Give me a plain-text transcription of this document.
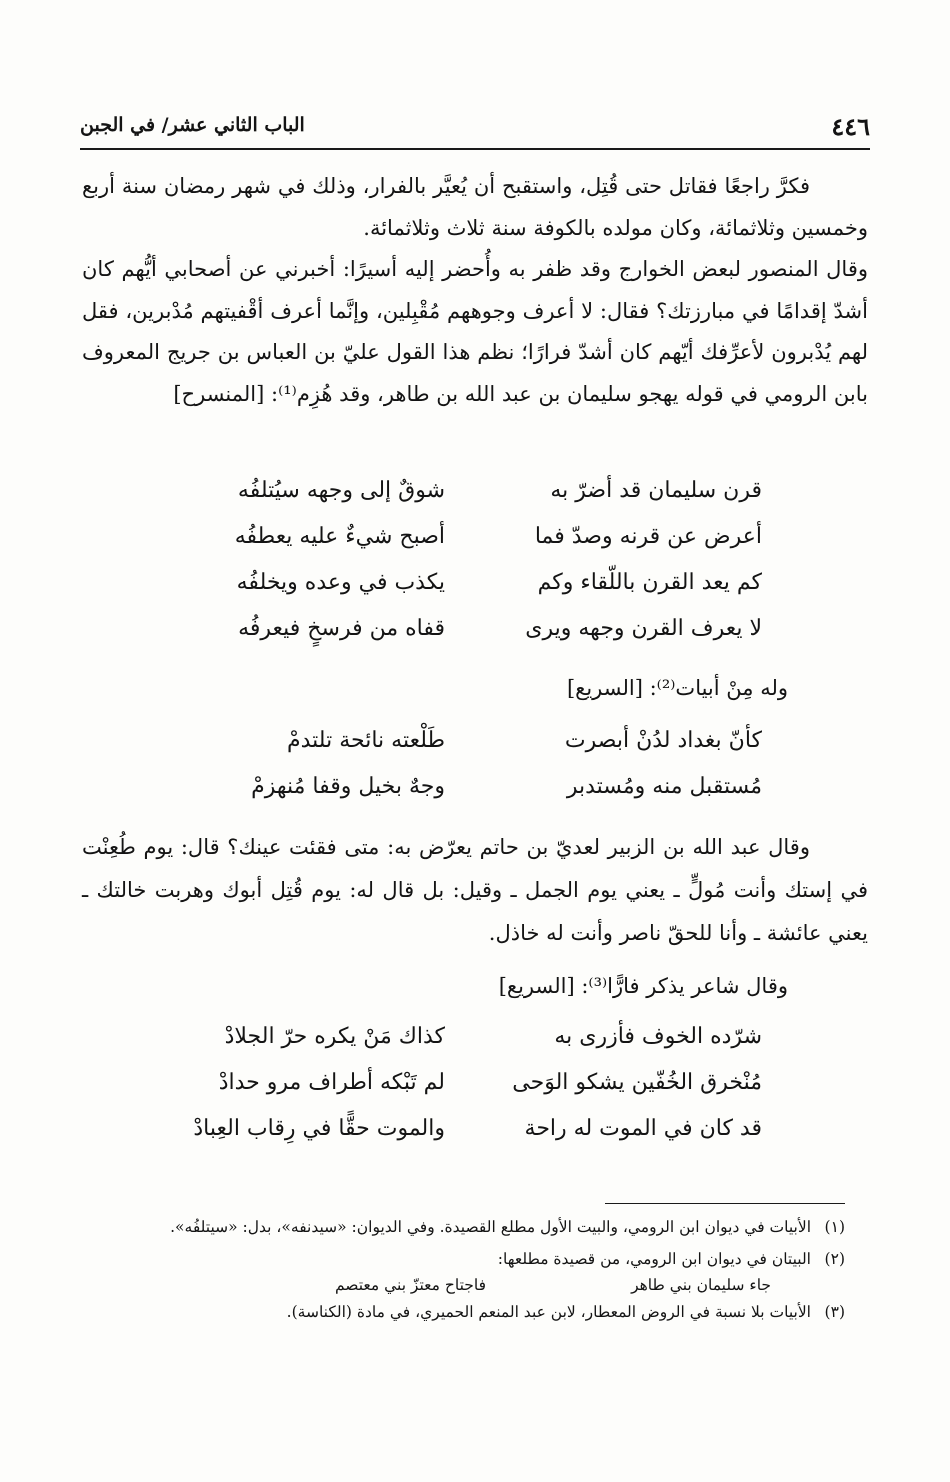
٤٤٦
الباب الثاني عشر/ في الجبن

فكرَّ راجعًا فقاتل حتى قُتِل، واستقبح أن يُعيَّر بالفرار، وذلك في شهر رمضان سنة أربع وخمسين وثلاثمائة، وكان مولده بالكوفة سنة ثلاث وثلاثمائة.

وقال المنصور لبعض الخوارج وقد ظفر به وأُحضر إليه أسيرًا: أخبرني عن أصحابي أيُّهم كان أشدّ إقدامًا في مبارزتك؟ فقال: لا أعرف وجوههم مُقْبِلين، وإنَّما أعرف أقْفيتهم مُدْبرين، فقل لهم يُدْبرون لأعرِّفك أيّهم كان أشدّ فرارًا؛ نظم هذا القول عليّ بن العباس بن جريج المعروف بابن الرومي في قوله يهجو سليمان بن عبد الله بن طاهر، وقد هُزِم⁽¹⁾: [المنسرح]

قرن سليمان قد أضرّ به
شوقٌ إلى وجهه سيُتلفُه
أعرض عن قرنه وصدّ فما
أصبح شيءٌ عليه يعطفُه
كم يعد القرن باللّقاء وكم
يكذب في وعده ويخلفُه
لا يعرف القرن وجهه ويرى
قفاه من فرسخٍ فيعرفُه
وله مِنْ أبيات⁽²⁾: [السريع]
كأنّ بغداد لدُنْ أبصرت
طَلْعته نائحة تلتدمْ
مُستقبل منه ومُستدبر
وجهٌ بخيل وقفا مُنهزمْ

وقال عبد الله بن الزبير لعديّ بن حاتم يعرّض به: متى فقئت عينك؟ قال: يوم طُعِنْت في إستك وأنت مُولٍّ ـ يعني يوم الجمل ـ وقيل: بل قال له: يوم قُتِل أبوك وهربت خالتك ـ يعني عائشة ـ وأنا للحقّ ناصر وأنت له خاذل.

وقال شاعر يذكر فارًّا⁽³⁾: [السريع]
شرّده الخوف فأزرى به
كذاك مَنْ يكره حرّ الجلادْ
مُنْخرق الخُفّين يشكو الوَحى
لم تَبْكه أطراف مرو حدادْ
قد كان في الموت له راحة
والموت حقًّا في رِقاب العِبادْ
(١)
الأبيات في ديوان ابن الرومي، والبيت الأول مطلع القصيدة. وفي الديوان: «سيدنفه»، بدل: «سيتلفُه».
(٢)
البيتان في ديوان ابن الرومي، من قصيدة مطلعها:
جاء سليمان بني طاهر
فاجتاح معتزّ بني معتصم
(٣)
الأبيات بلا نسبة في الروض المعطار، لابن عبد المنعم الحميري، في مادة (الكناسة).
